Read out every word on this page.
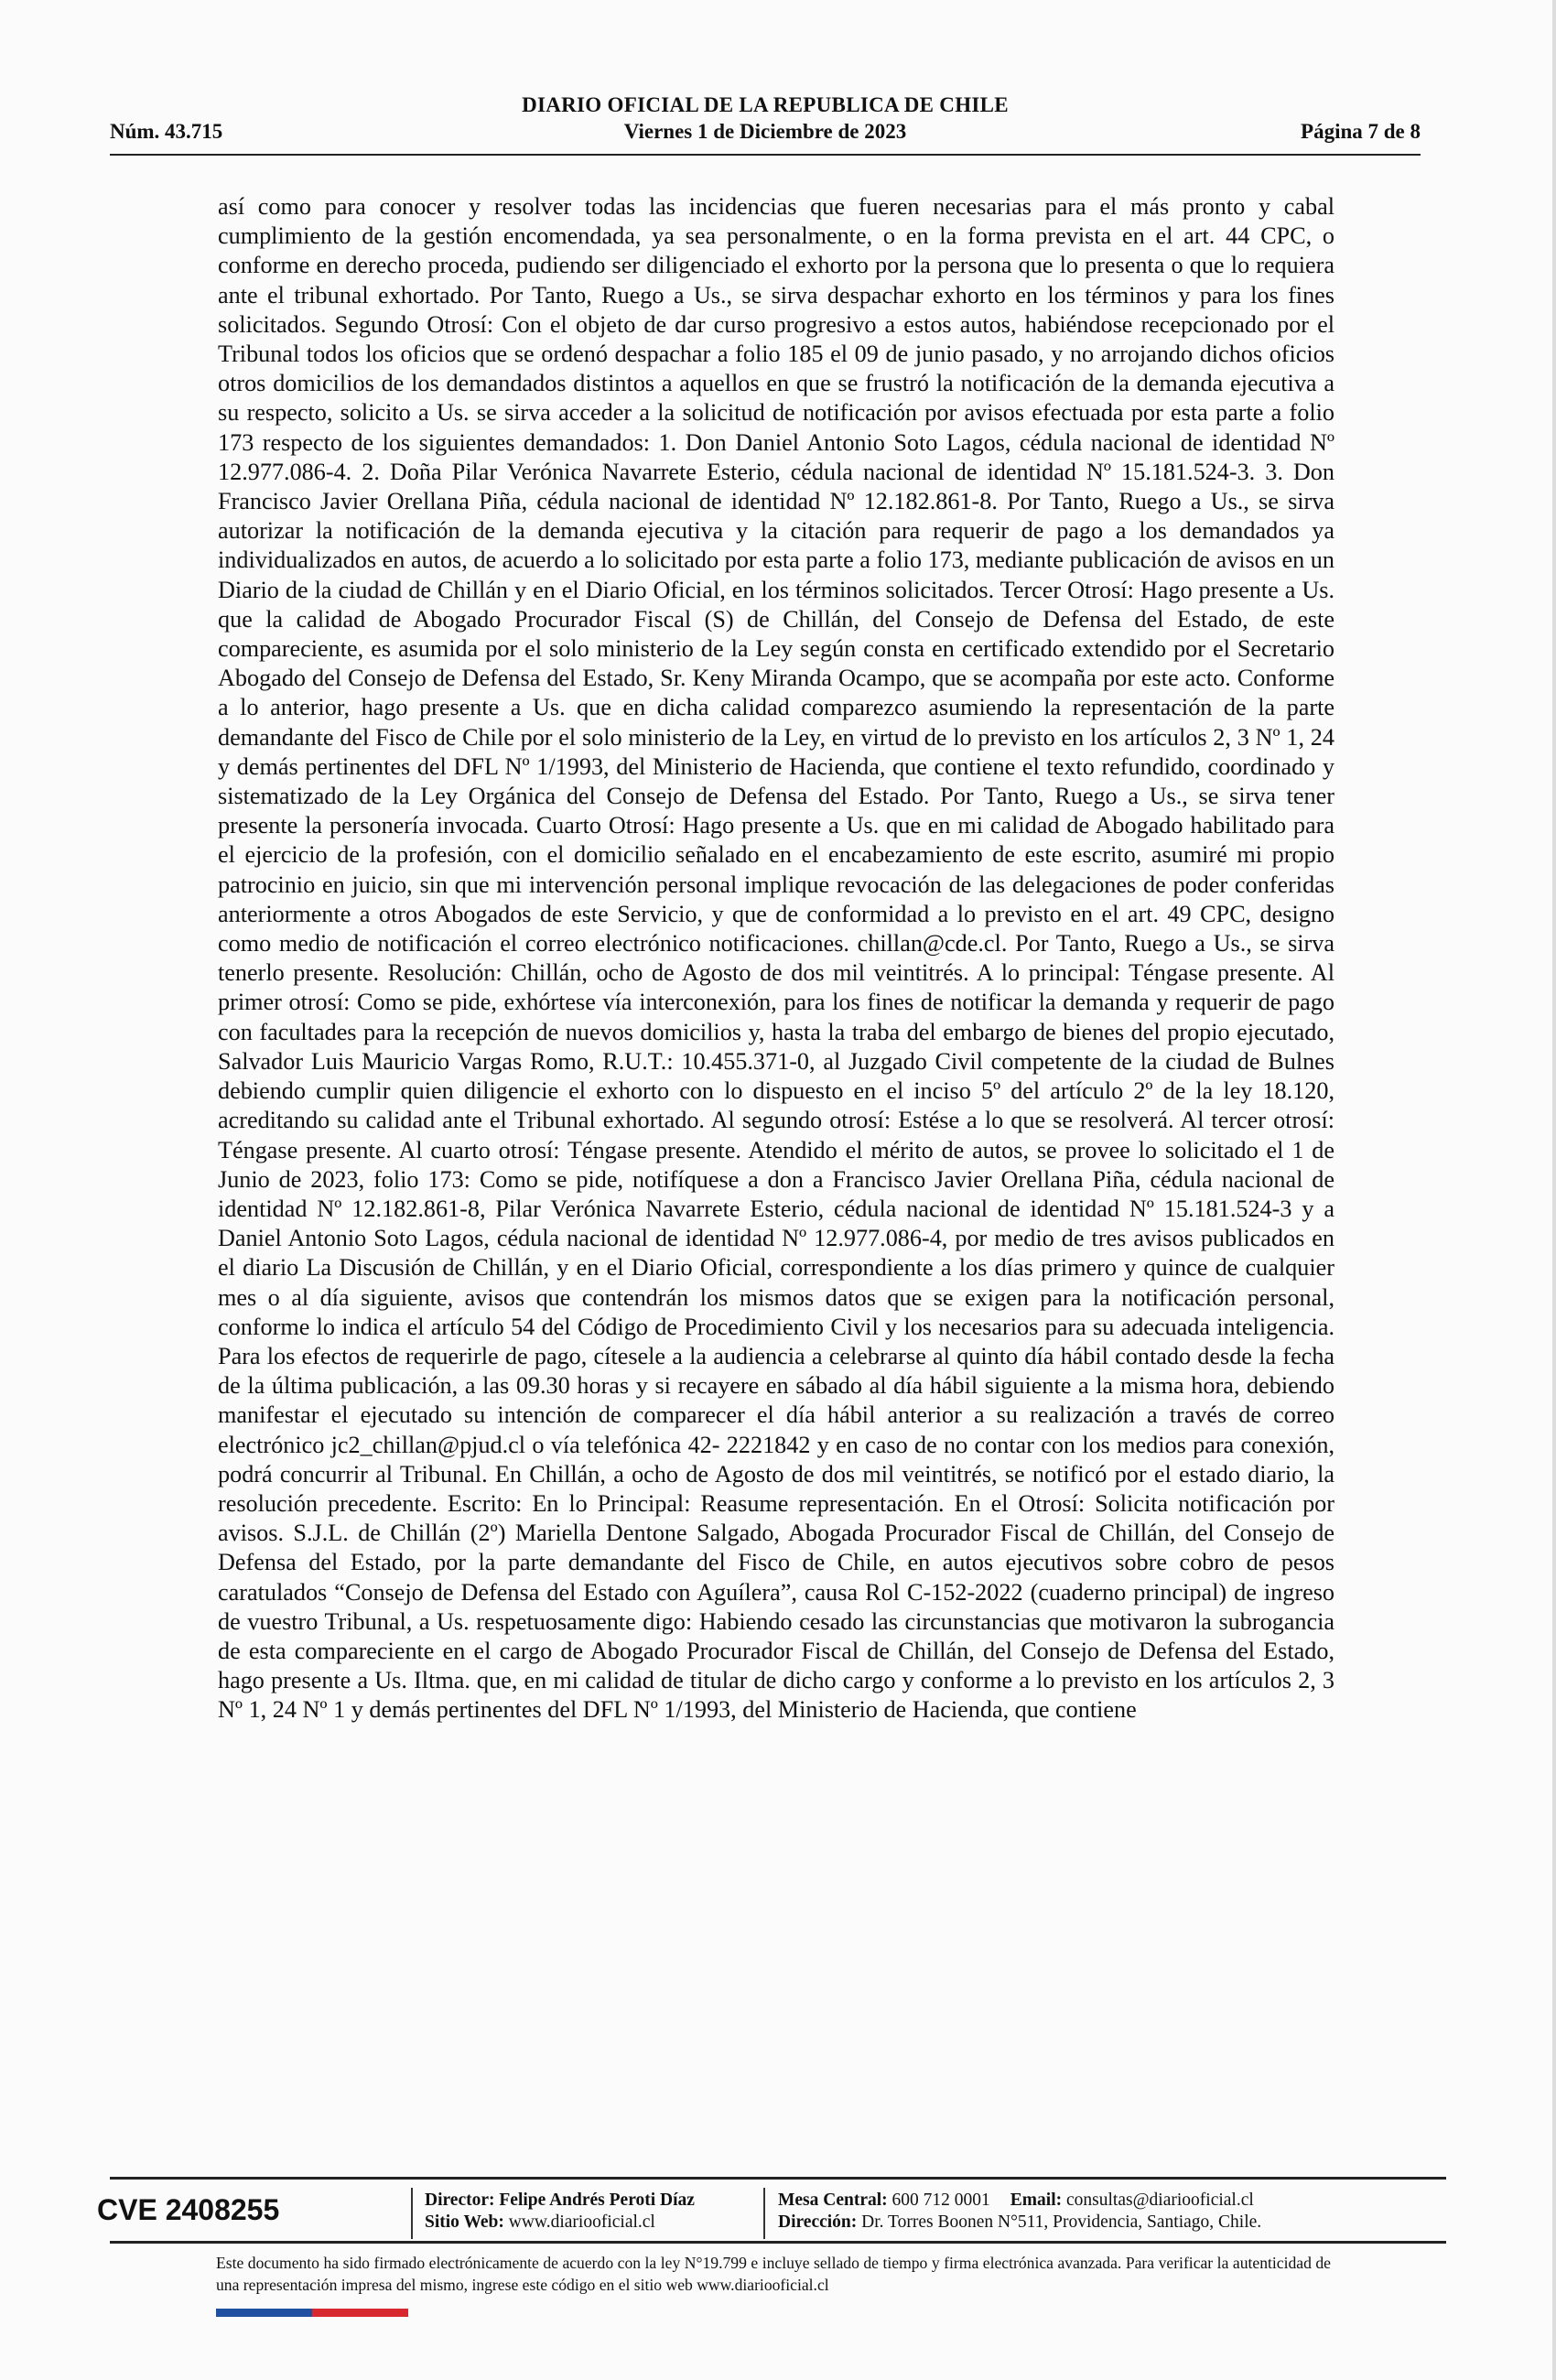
DIARIO OFICIAL DE LA REPUBLICA DE CHILE
Núm. 43.715	Viernes 1 de Diciembre de 2023	Página 7 de 8

así como para conocer y resolver todas las incidencias que fueren necesarias para el más pronto y cabal cumplimiento de la gestión encomendada, ya sea personalmente, o en la forma prevista en el art. 44 CPC, o conforme en derecho proceda, pudiendo ser diligenciado el exhorto por la persona que lo presenta o que lo requiera ante el tribunal exhortado. Por Tanto, Ruego a Us., se sirva despachar exhorto en los términos y para los fines solicitados. Segundo Otrosí: Con el objeto de dar curso progresivo a estos autos, habiéndose recepcionado por el Tribunal todos los oficios que se ordenó despachar a folio 185 el 09 de junio pasado, y no arrojando dichos oficios otros domicilios de los demandados distintos a aquellos en que se frustró la notificación de la demanda ejecutiva a su respecto, solicito a Us. se sirva acceder a la solicitud de notificación por avisos efectuada por esta parte a folio 173 respecto de los siguientes demandados: 1. Don Daniel Antonio Soto Lagos, cédula nacional de identidad Nº 12.977.086-4. 2. Doña Pilar Verónica Navarrete Esterio, cédula nacional de identidad Nº 15.181.524-3. 3. Don Francisco Javier Orellana Piña, cédula nacional de identidad Nº 12.182.861-8. Por Tanto, Ruego a Us., se sirva autorizar la notificación de la demanda ejecutiva y la citación para requerir de pago a los demandados ya individualizados en autos, de acuerdo a lo solicitado por esta parte a folio 173, mediante publicación de avisos en un Diario de la ciudad de Chillán y en el Diario Oficial, en los términos solicitados. Tercer Otrosí: Hago presente a Us. que la calidad de Abogado Procurador Fiscal (S) de Chillán, del Consejo de Defensa del Estado, de este compareciente, es asumida por el solo ministerio de la Ley según consta en certificado extendido por el Secretario Abogado del Consejo de Defensa del Estado, Sr. Keny Miranda Ocampo, que se acompaña por este acto. Conforme a lo anterior, hago presente a Us. que en dicha calidad comparezco asumiendo la representación de la parte demandante del Fisco de Chile por el solo ministerio de la Ley, en virtud de lo previsto en los artículos 2, 3 Nº 1, 24 y demás pertinentes del DFL Nº 1/1993, del Ministerio de Hacienda, que contiene el texto refundido, coordinado y sistematizado de la Ley Orgánica del Consejo de Defensa del Estado. Por Tanto, Ruego a Us., se sirva tener presente la personería invocada. Cuarto Otrosí: Hago presente a Us. que en mi calidad de Abogado habilitado para el ejercicio de la profesión, con el domicilio señalado en el encabezamiento de este escrito, asumiré mi propio patrocinio en juicio, sin que mi intervención personal implique revocación de las delegaciones de poder conferidas anteriormente a otros Abogados de este Servicio, y que de conformidad a lo previsto en el art. 49 CPC, designo como medio de notificación el correo electrónico notificaciones. chillan@cde.cl. Por Tanto, Ruego a Us., se sirva tenerlo presente. Resolución: Chillán, ocho de Agosto de dos mil veintitrés. A lo principal: Téngase presente. Al primer otrosí: Como se pide, exhórtese vía interconexión, para los fines de notificar la demanda y requerir de pago con facultades para la recepción de nuevos domicilios y, hasta la traba del embargo de bienes del propio ejecutado, Salvador Luis Mauricio Vargas Romo, R.U.T.: 10.455.371-0, al Juzgado Civil competente de la ciudad de Bulnes debiendo cumplir quien diligencie el exhorto con lo dispuesto en el inciso 5º del artículo 2º de la ley 18.120, acreditando su calidad ante el Tribunal exhortado. Al segundo otrosí: Estése a lo que se resolverá. Al tercer otrosí: Téngase presente. Al cuarto otrosí: Téngase presente. Atendido el mérito de autos, se provee lo solicitado el 1 de Junio de 2023, folio 173: Como se pide, notifíquese a don a Francisco Javier Orellana Piña, cédula nacional de identidad Nº 12.182.861-8, Pilar Verónica Navarrete Esterio, cédula nacional de identidad Nº 15.181.524-3 y a Daniel Antonio Soto Lagos, cédula nacional de identidad Nº 12.977.086-4, por medio de tres avisos publicados en el diario La Discusión de Chillán, y en el Diario Oficial, correspondiente a los días primero y quince de cualquier mes o al día siguiente, avisos que contendrán los mismos datos que se exigen para la notificación personal, conforme lo indica el artículo 54 del Código de Procedimiento Civil y los necesarios para su adecuada inteligencia. Para los efectos de requerirle de pago, cítesele a la audiencia a celebrarse al quinto día hábil contado desde la fecha de la última publicación, a las 09.30 horas y si recayere en sábado al día hábil siguiente a la misma hora, debiendo manifestar el ejecutado su intención de comparecer el día hábil anterior a su realización a través de correo electrónico jc2_chillan@pjud.cl o vía telefónica 42- 2221842 y en caso de no contar con los medios para conexión, podrá concurrir al Tribunal. En Chillán, a ocho de Agosto de dos mil veintitrés, se notificó por el estado diario, la resolución precedente. Escrito: En lo Principal: Reasume representación. En el Otrosí: Solicita notificación por avisos. S.J.L. de Chillán (2º) Mariella Dentone Salgado, Abogada Procurador Fiscal de Chillán, del Consejo de Defensa del Estado, por la parte demandante del Fisco de Chile, en autos ejecutivos sobre cobro de pesos caratulados “Consejo de Defensa del Estado con Aguílera”, causa Rol C-152-2022 (cuaderno principal) de ingreso de vuestro Tribunal, a Us. respetuosamente digo: Habiendo cesado las circunstancias que motivaron la subrogancia de esta compareciente en el cargo de Abogado Procurador Fiscal de Chillán, del Consejo de Defensa del Estado, hago presente a Us. Iltma. que, en mi calidad de titular de dicho cargo y conforme a lo previsto en los artículos 2, 3 Nº 1, 24 Nº 1 y demás pertinentes del DFL Nº 1/1993, del Ministerio de Hacienda, que contiene

CVE 2408255	Director: Felipe Andrés Peroti Díaz
Sitio Web: www.diariooficial.cl
Mesa Central: 600 712 0001 Email: consultas@diariooficial.cl
Dirección: Dr. Torres Boonen N°511, Providencia, Santiago, Chile.

Este documento ha sido firmado electrónicamente de acuerdo con la ley N°19.799 e incluye sellado de tiempo y firma electrónica avanzada. Para verificar la autenticidad de una representación impresa del mismo, ingrese este código en el sitio web www.diariooficial.cl
